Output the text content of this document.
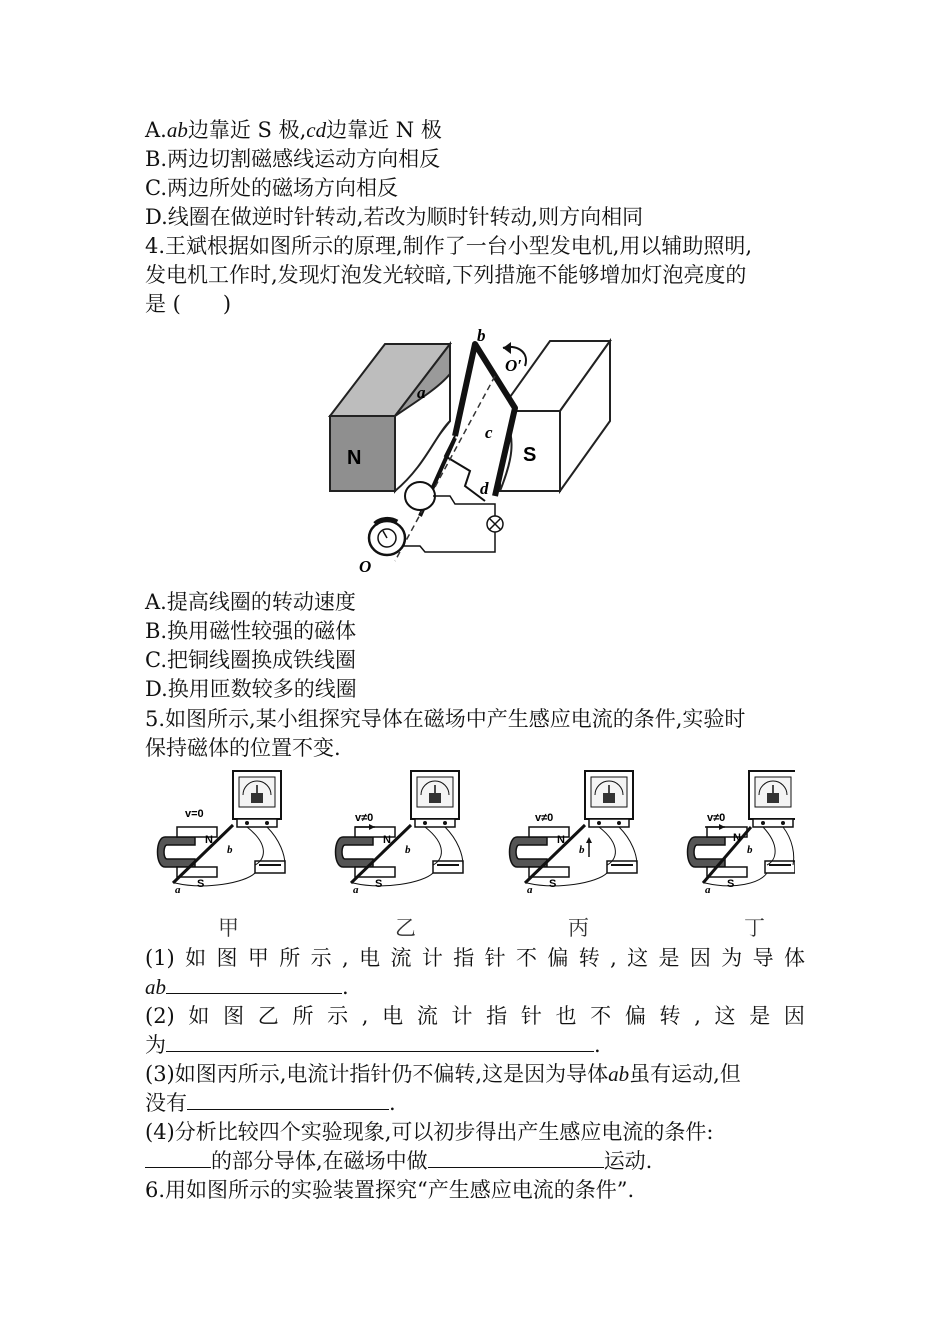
A.ab边靠近 S 极,cd边靠近 N 极
B.两边切割磁感线运动方向相反
C.两边所处的磁场方向相反
D.线圈在做逆时针转动,若改为顺时针转动,则方向相同
4.王斌根据如图所示的原理,制作了一台小型发电机,用以辅助照明,
发电机工作时,发现灯泡发光较暗,下列措施不能够增加灯泡亮度的
是 (　　)
N	S
a
b
c
d
O′
O
A.提高线圈的转动速度
B.换用磁性较强的磁体
C.把铜线圈换成铁线圈
D.换用匝数较多的线圈
5.如图所示,某小组探究导体在磁场中产生感应电流的条件,实验时
保持磁体的位置不变.
v=0
N
S
a
b
v≠0
N
S
a
b
v≠0
N
S
a
b
v≠0
N
S
a
b
甲	乙	丙	丁
(1) 如 图 甲 所 示 , 电 流 计 指 针 不 偏 转 , 这 是 因 为 导 体
ab	.
(2) 如 图 乙 所 示 , 电 流 计 指 针 也 不 偏 转 , 这 是 因
为	.
(3)如图丙所示,电流计指针仍不偏转,这是因为导体ab虽有运动,但
没有	.
(4)分析比较四个实验现象,可以初步得出产生感应电流的条件:
的部分导体,在磁场中做	运动.
6.用如图所示的实验装置探究“产生感应电流的条件”.
